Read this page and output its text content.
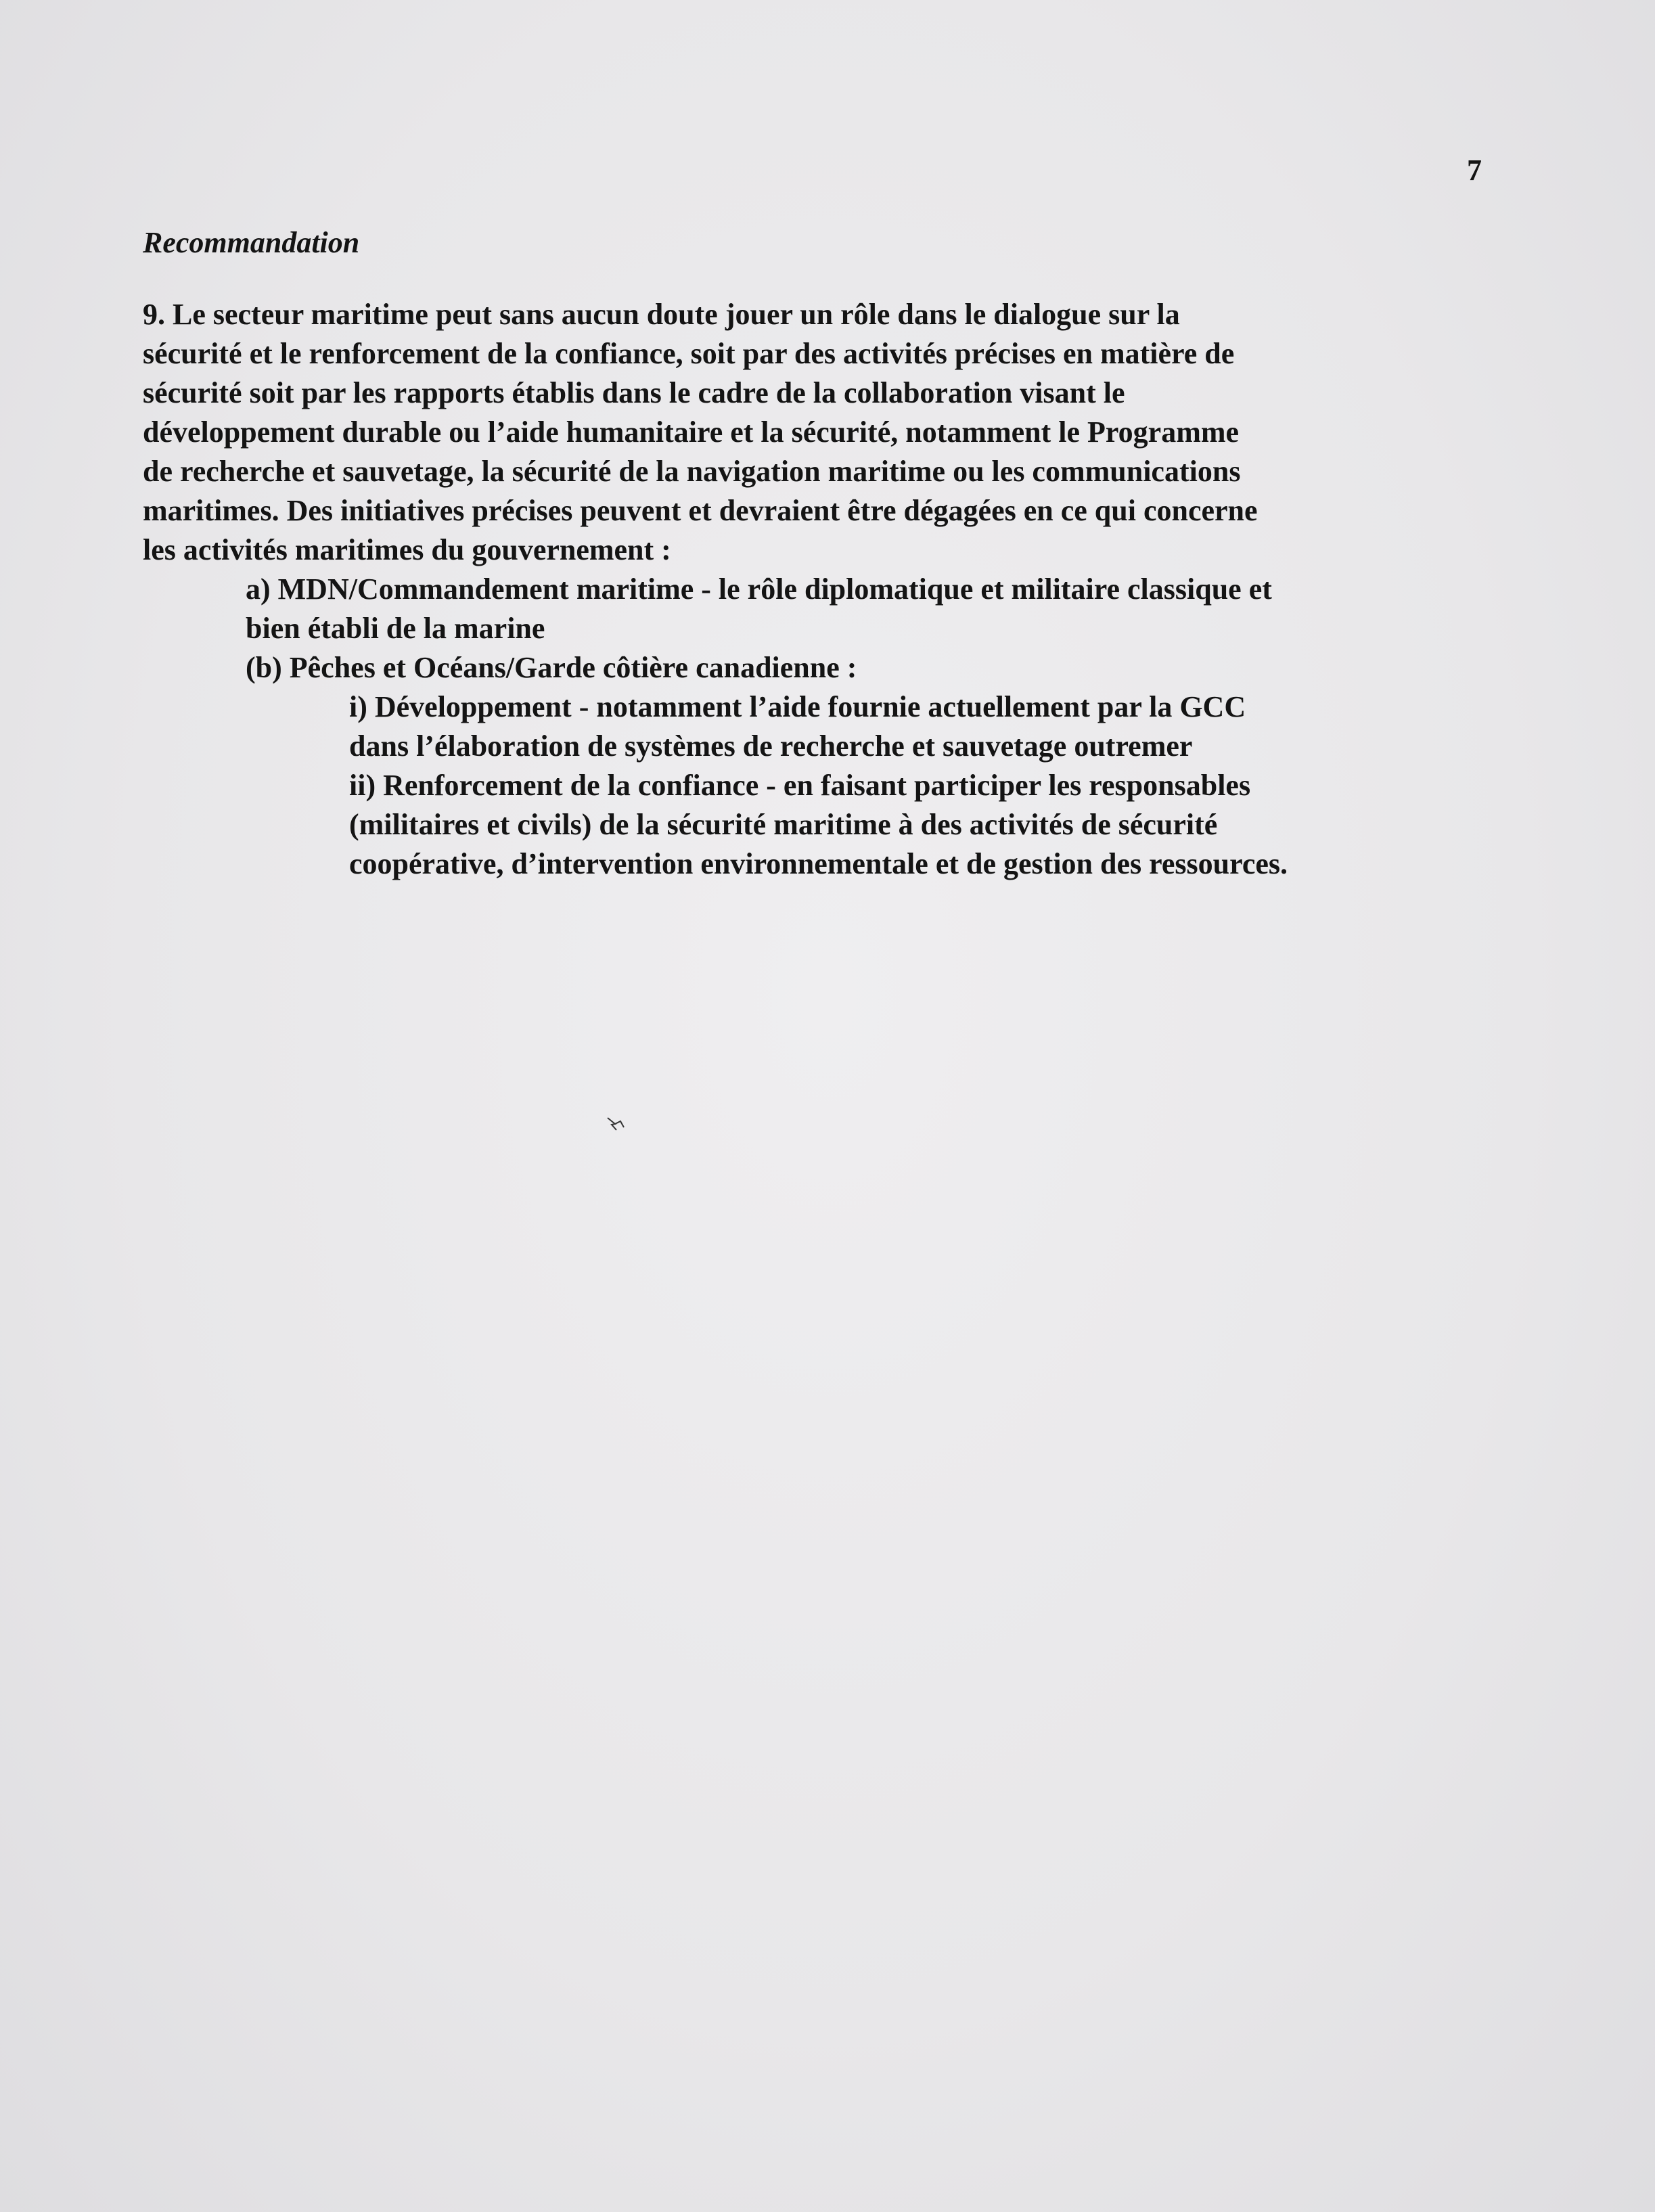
7

Recommandation

9. Le secteur maritime peut sans aucun doute jouer un rôle dans le dialogue sur la
sécurité et le renforcement de la confiance, soit par des activités précises en matière de
sécurité soit par les rapports établis dans le cadre de la collaboration visant le
développement durable ou l’aide humanitaire et la sécurité, notamment le Programme
de recherche et sauvetage, la sécurité de la navigation maritime ou les communications
maritimes. Des initiatives précises peuvent et devraient être dégagées en ce qui concerne
les activités maritimes du gouvernement :
a) MDN/Commandement maritime - le rôle diplomatique et militaire classique et
bien établi de la marine
(b) Pêches et Océans/Garde côtière canadienne :
i) Développement - notamment l’aide fournie actuellement par la GCC
dans l’élaboration de systèmes de recherche et sauvetage outremer
ii) Renforcement de la confiance - en faisant participer les responsables
(militaires et civils) de la sécurité maritime à des activités de sécurité
coopérative, d’intervention environnementale et de gestion des ressources.
